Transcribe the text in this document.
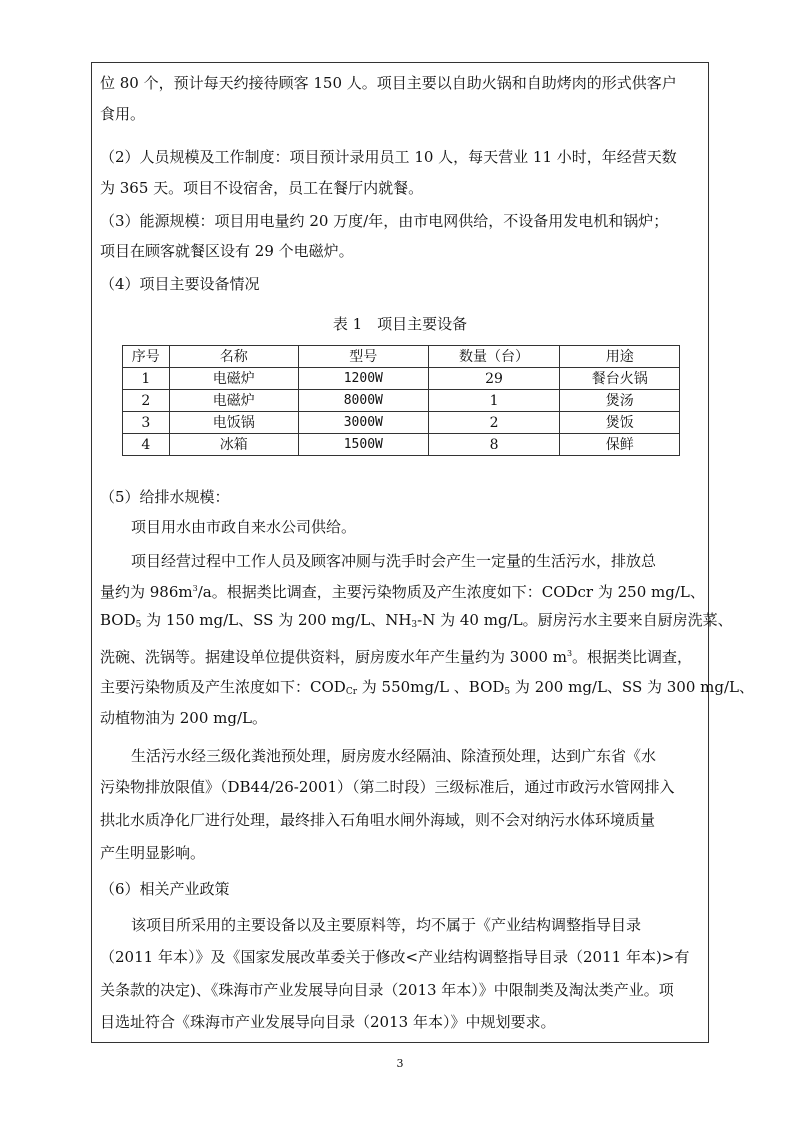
位 80 个，预计每天约接待顾客 150 人。项目主要以自助火锅和自助烤肉的形式供客户
食用。
（2）人员规模及工作制度：项目预计录用员工 10 人，每天营业 11 小时，年经营天数
为 365 天。项目不设宿舍，员工在餐厅内就餐。
（3）能源规模：项目用电量约 20 万度/年，由市电网供给，不设备用发电机和锅炉；
项目在顾客就餐区设有 29 个电磁炉。
（4）项目主要设备情况
表 1　项目主要设备
序号	名称	型号	数量（台）	用途
1	电磁炉	1200W	29	餐台火锅
2	电磁炉	8000W	1	煲汤
3	电饭锅	3000W	2	煲饭
4	冰箱	1500W	8	保鲜
（5）给排水规模：
项目用水由市政自来水公司供给。
项目经营过程中工作人员及顾客冲厕与洗手时会产生一定量的生活污水，排放总
量约为 $986m^3/a$。根据类比调查，主要污染物质及产生浓度如下：CODcr 为 250 mg/L、
$BOD_5$ 为 150 mg/L、SS 为 200 mg/L、$NH_3-N$ 为 40 mg/L。厨房污水主要来自厨房洗菜、
洗碗、洗锅等。据建设单位提供资料，厨房废水年产生量约为 3000 $m^3$。根据类比调查，
主要污染物质及产生浓度如下：$COD_{Cr}$ 为 550mg/L 、$BOD_5$ 为 200 mg/L、SS 为 300 mg/L、
动植物油为 200 mg/L。
生活污水经三级化粪池预处理，厨房废水经隔油、除渣预处理，达到广东省《水
污染物排放限值》（DB44/26-2001）（第二时段）三级标准后，通过市政污水管网排入
拱北水质净化厂进行处理，最终排入石角咀水闸外海域，则不会对纳污水体环境质量
产生明显影响。
（6）相关产业政策
该项目所采用的主要设备以及主要原料等，均不属于《产业结构调整指导目录
（2011 年本）》及《国家发展改革委关于修改<产业结构调整指导目录（2011 年本)>有
关条款的决定)、《珠海市产业发展导向目录（2013 年本）》中限制类及淘汰类产业。项
目选址符合《珠海市产业发展导向目录（2013 年本）》中规划要求。
3
